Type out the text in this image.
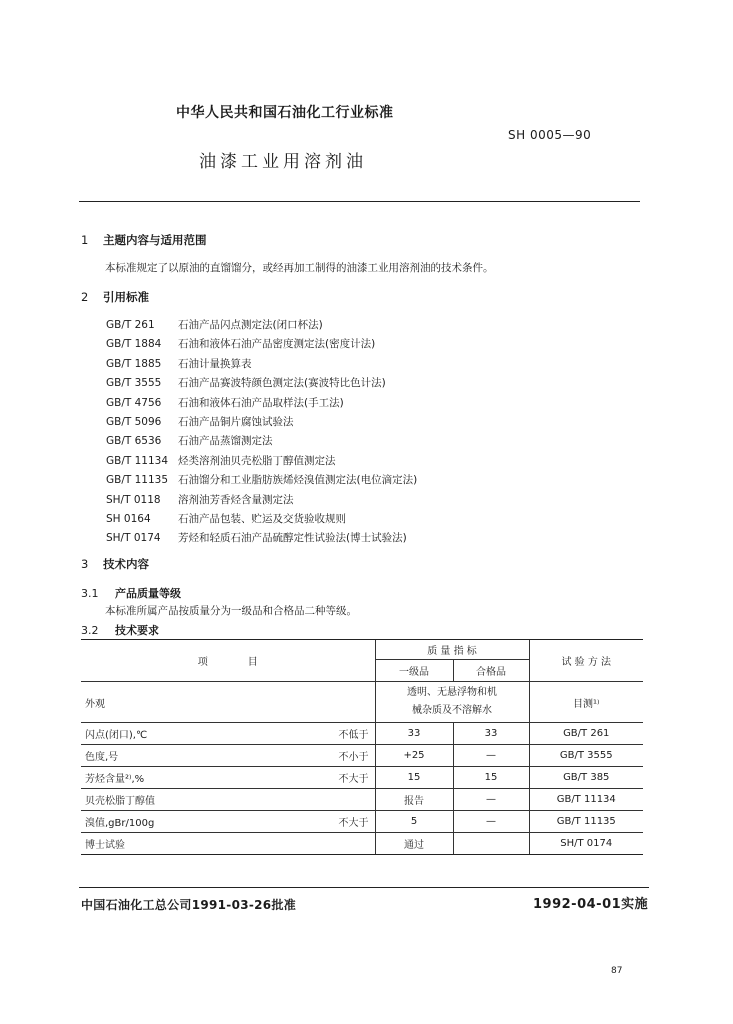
中华人民共和国石油化工行业标准
SH 0005—90
油漆工业用溶剂油
1 主题内容与适用范围
本标准规定了以原油的直馏馏分，或经再加工制得的油漆工业用溶剂油的技术条件。
2 引用标准
GB/T 261 石油产品闪点测定法(闭口杯法)
GB/T 1884 石油和液体石油产品密度测定法(密度计法)
GB/T 1885 石油计量换算表
GB/T 3555 石油产品赛波特颜色测定法(赛波特比色计法)
GB/T 4756 石油和液体石油产品取样法(手工法)
GB/T 5096 石油产品铜片腐蚀试验法
GB/T 6536 石油产品蒸馏测定法
GB/T 11134 烃类溶剂油贝壳松脂丁醇值测定法
GB/T 11135 石油馏分和工业脂肪族烯烃溴值测定法(电位滴定法)
SH/T 0118 溶剂油芳香烃含量测定法
SH 0164	石油产品包装、贮运及交货验收规则
SH/T 0174 芳烃和轻质石油产品硫醇定性试验法(博士试验法)
3 技术内容
3.1 产品质量等级
本标准所属产品按质量分为一级品和合格品二种等级。
3.2 技术要求
项　　　　目	质 量 指 标		试 验 方 法
	一级品	合格品	

外观	透明、无悬浮物和机
械杂质及不溶解水		目测¹⁾

闪点(闭口),℃ 不低于	33	33	GB/T 261

色度,号 不小于	+25	—	GB/T 3555

芳烃含量²⁾,% 不大于	15	15	GB/T 385

贝壳松脂丁醇值	报告	—	GB/T 11134

溴值,gBr/100g 不大于	5	—	GB/T 11135

博士试验	通过		SH/T 0174
中国石油化工总公司1991-03-26批准	1992-04-01实施
87
